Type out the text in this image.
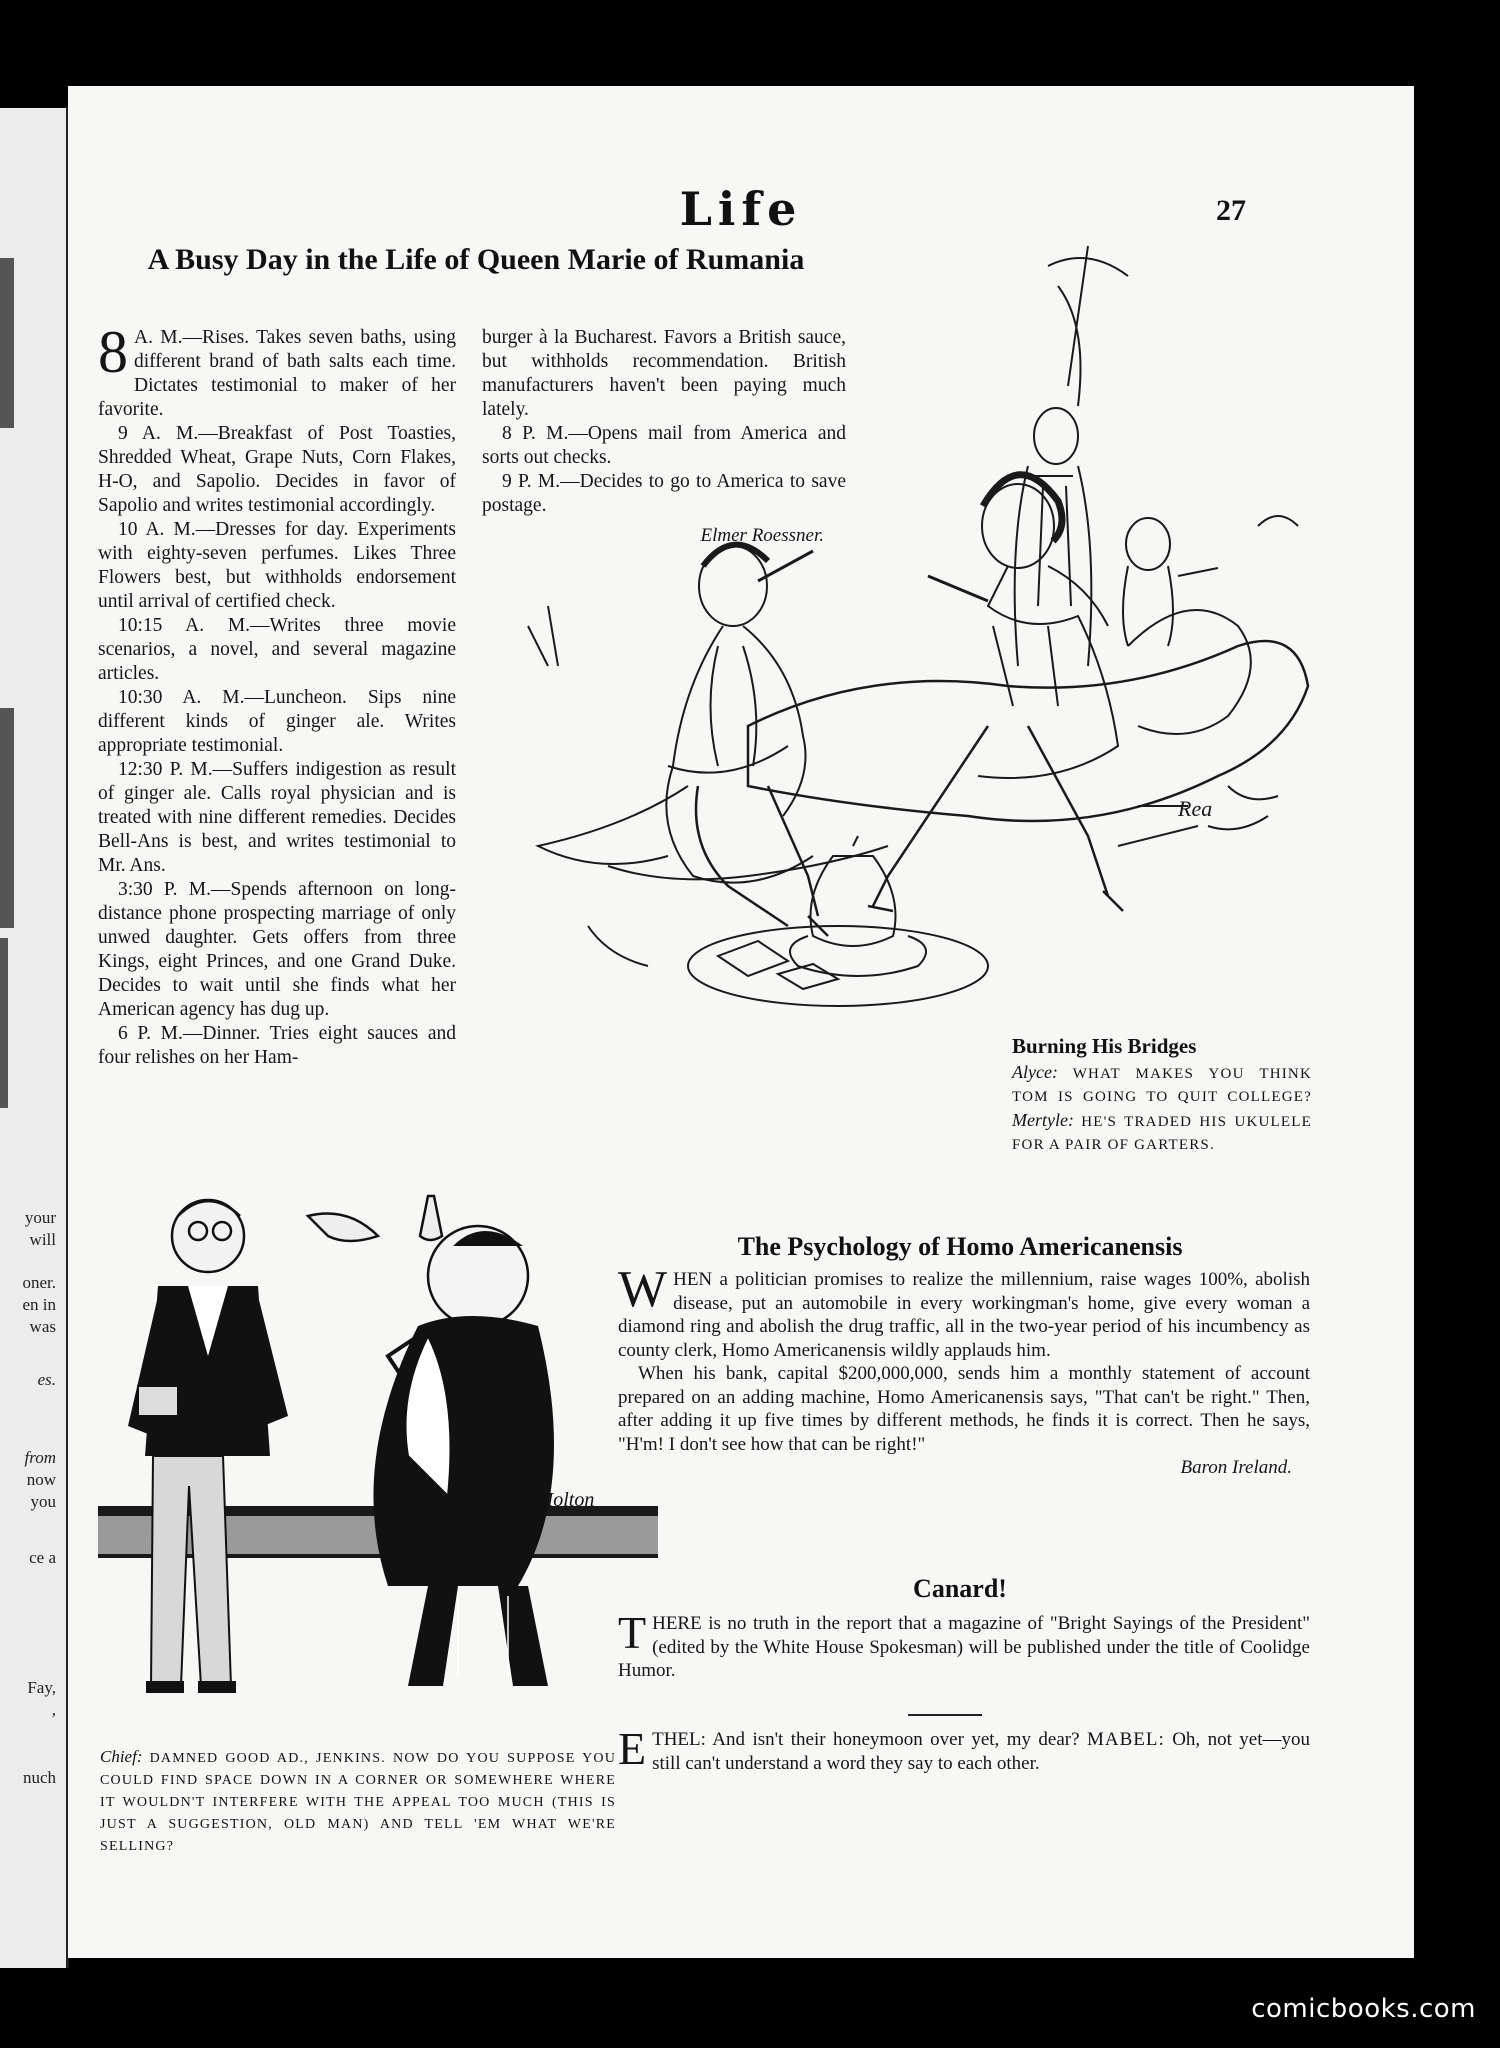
your
will
oner.
en in
was
es.
from
now
you
ce a
Fay,
,
nuch
Life	27
A Busy Day in the Life of Queen Marie of Rumania

8 A. M.—Rises. Takes seven baths, using different brand of bath salts each time. Dictates testimonial to maker of her favorite.

9 A. M.—Breakfast of Post Toasties, Shredded Wheat, Grape Nuts, Corn Flakes, H-O, and Sapolio. Decides in favor of Sapolio and writes testimonial accordingly.

10 A. M.—Dresses for day. Experiments with eighty-seven perfumes. Likes Three Flowers best, but withholds endorsement until arrival of certified check.

10:15 A. M.—Writes three movie scenarios, a novel, and several magazine articles.

10:30 A. M.—Luncheon. Sips nine different kinds of ginger ale. Writes appropriate testimonial.

12:30 P. M.—Suffers indigestion as result of ginger ale. Calls royal physician and is treated with nine different remedies. Decides Bell-Ans is best, and writes testimonial to Mr. Ans.

3:30 P. M.—Spends afternoon on long-distance phone prospecting marriage of only unwed daughter. Gets offers from three Kings, eight Princes, and one Grand Duke. Decides to wait until she finds what her American agency has dug up.

6 P. M.—Dinner. Tries eight sauces and four relishes on her Ham-

burger à la Bucharest. Favors a British sauce, but withholds recommendation. British manufacturers haven't been paying much lately.

8 P. M.—Opens mail from America and sorts out checks.

9 P. M.—Decides to go to America to save postage.

Elmer Roessner.
Rea
Burning His Bridges
Alyce: WHAT MAKES YOU THINK TOM IS GOING TO QUIT COLLEGE? Mertyle: HE'S TRADED HIS UKULELE FOR A PAIR OF GARTERS.
L.T.Holton
Chief: DAMNED GOOD AD., JENKINS. NOW DO YOU SUPPOSE YOU COULD FIND SPACE DOWN IN A CORNER OR SOMEWHERE WHERE IT WOULDN'T INTERFERE WITH THE APPEAL TOO MUCH (THIS IS JUST A SUGGESTION, OLD MAN) AND TELL 'EM WHAT WE'RE SELLING?
The Psychology of Homo Americanensis

WHEN a politician promises to realize the millennium, raise wages 100%, abolish disease, put an automobile in every workingman's home, give every woman a diamond ring and abolish the drug traffic, all in the two-year period of his incumbency as county clerk, Homo Americanensis wildly applauds him.

When his bank, capital $200,000,000, sends him a monthly statement of account prepared on an adding machine, Homo Americanensis says, "That can't be right." Then, after adding it up five times by different methods, he finds it is correct. Then he says, "H'm! I don't see how that can be right!"

Baron Ireland.
Canard!

THERE is no truth in the report that a magazine of "Bright Sayings of the President" (edited by the White House Spokesman) will be published under the title of Coolidge Humor.

ETHEL: And isn't their honeymoon over yet, my dear? MABEL: Oh, not yet—you still can't understand a word they say to each other.

comicbooks.com
